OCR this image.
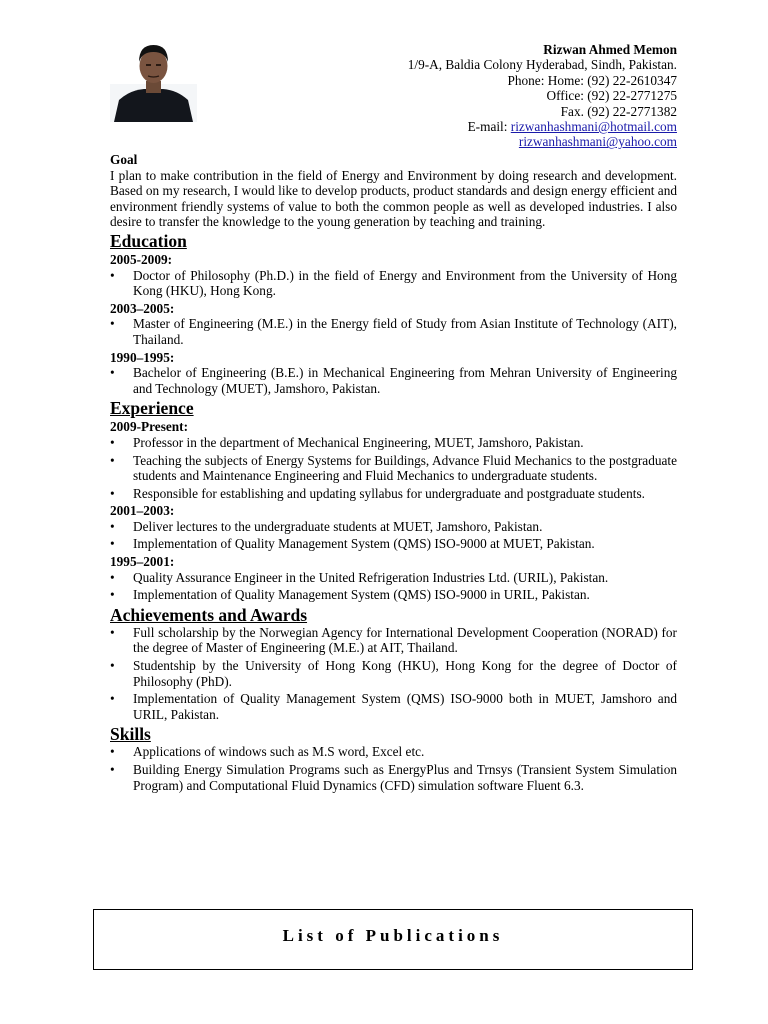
Rizwan Ahmed Memon
1/9-A, Baldia Colony Hyderabad, Sindh, Pakistan.
Phone: Home: (92) 22-2610347
Office: (92) 22-2771275
Fax. (92) 22-2771382
E-mail: rizwanhashmani@hotmail.com
rizwanhashmani@yahoo.com
Goal

I plan to make contribution in the field of Energy and Environment by doing research and development. Based on my research, I would like to develop products, product standards and design energy efficient and environment friendly systems of value to both the common people as well as developed industries. I also desire to transfer the knowledge to the young generation by teaching and training.

Education
2005-2009:
• Doctor of Philosophy (Ph.D.) in the field of Energy and Environment from the University of Hong Kong (HKU), Hong Kong.
2003–2005:
• Master of Engineering (M.E.) in the Energy field of Study from Asian Institute of Technology (AIT), Thailand.
1990–1995:
• Bachelor of Engineering (B.E.) in Mechanical Engineering from Mehran University of Engineering and Technology (MUET), Jamshoro, Pakistan.
Experience
2009-Present:
• Professor in the department of Mechanical Engineering, MUET, Jamshoro, Pakistan.
• Teaching the subjects of Energy Systems for Buildings, Advance Fluid Mechanics to the postgraduate students and Maintenance Engineering and Fluid Mechanics to undergraduate students.
• Responsible for establishing and updating syllabus for undergraduate and postgraduate students.
2001–2003:
• Deliver lectures to the undergraduate students at MUET, Jamshoro, Pakistan.
• Implementation of Quality Management System (QMS) ISO-9000 at MUET, Pakistan.
1995–2001:
• Quality Assurance Engineer in the United Refrigeration Industries Ltd. (URIL), Pakistan.
• Implementation of Quality Management System (QMS) ISO-9000 in URIL, Pakistan.
Achievements and Awards
• Full scholarship by the Norwegian Agency for International Development Cooperation (NORAD) for the degree of Master of Engineering (M.E.) at AIT, Thailand.
• Studentship by the University of Hong Kong (HKU), Hong Kong for the degree of Doctor of Philosophy (PhD).
• Implementation of Quality Management System (QMS) ISO-9000 both in MUET, Jamshoro and URIL, Pakistan.
Skills
• Applications of windows such as M.S word, Excel etc.
• Building Energy Simulation Programs such as EnergyPlus and Trnsys (Transient System Simulation Program) and Computational Fluid Dynamics (CFD) simulation software Fluent 6.3.
List of Publications
